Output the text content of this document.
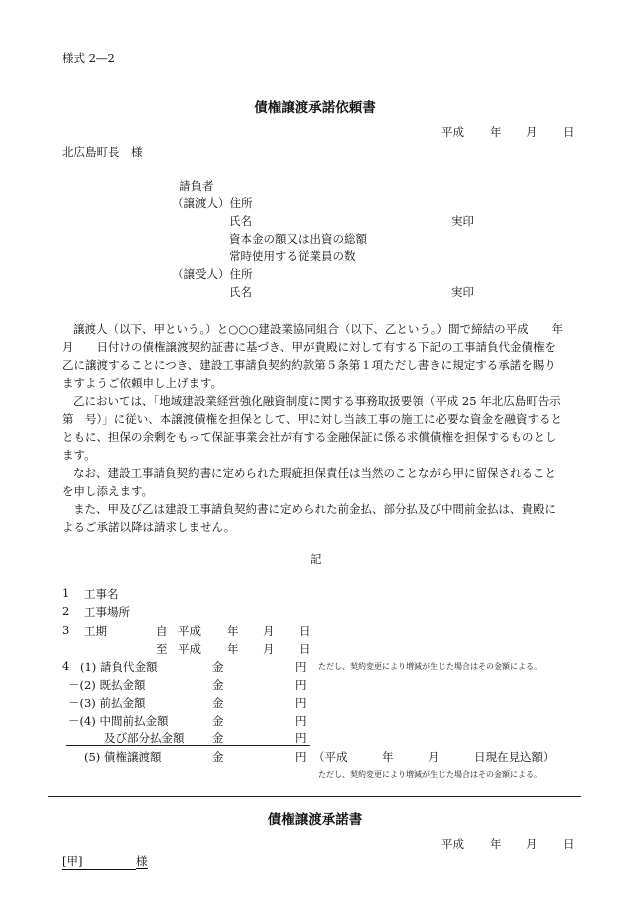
様式 2―2
債権譲渡承諾依頼書
平成 年 月 日
北広島町長　様
請負者
（譲渡人）住所
氏名	実印
資本金の額又は出資の総額
常時使用する従業員の数
（譲受人）住所
氏名	実印
譲渡人（以下、甲という。）と○○○建設業協同組合（以下、乙という。）間で締結の平成　　年
月　　日付けの債権譲渡契約証書に基づき、甲が貴殿に対して有する下記の工事請負代金債権を
乙に譲渡することにつき、建設工事請負契約約款第５条第１項ただし書きに規定する承諾を賜り
ますようご依頼申し上げます。
乙においては、「地域建設業経営強化融資制度に関する事務取扱要領（平成 25 年北広島町告示
第　号）」に従い、本譲渡債権を担保として、甲に対し当該工事の施工に必要な資金を融資すると
ともに、担保の余剰をもって保証事業会社が有する金融保証に係る求償債権を担保するものとし
ます。
なお、建設工事請負契約書に定められた瑕疵担保責任は当然のことながら甲に留保されること
を申し添えます。
また、甲及び乙は建設工事請負契約書に定められた前金払、部分払及び中間前金払は、貴殿に
よるご承諾以降は請求しません。
記
1 工事名
2 工事場所
3 工期	自 平成 年 月 日
至 平成 年 月 日
4 (1) 請負代金額	金	円 ただし、契約変更により増減が生じた場合はその金額による。
－(2) 既払金額	金	円
－(3) 前払金額	金	円
－(4) 中間前払金額	金	円
及び部分払金額 金	円
(5) 債権譲渡額	金	円 （平成　　　年　　　月　　　日現在見込額）
ただし、契約変更により増減が生じた場合はその金額による。
債権譲渡承諾書
平成 年 月 日
[甲]	様
